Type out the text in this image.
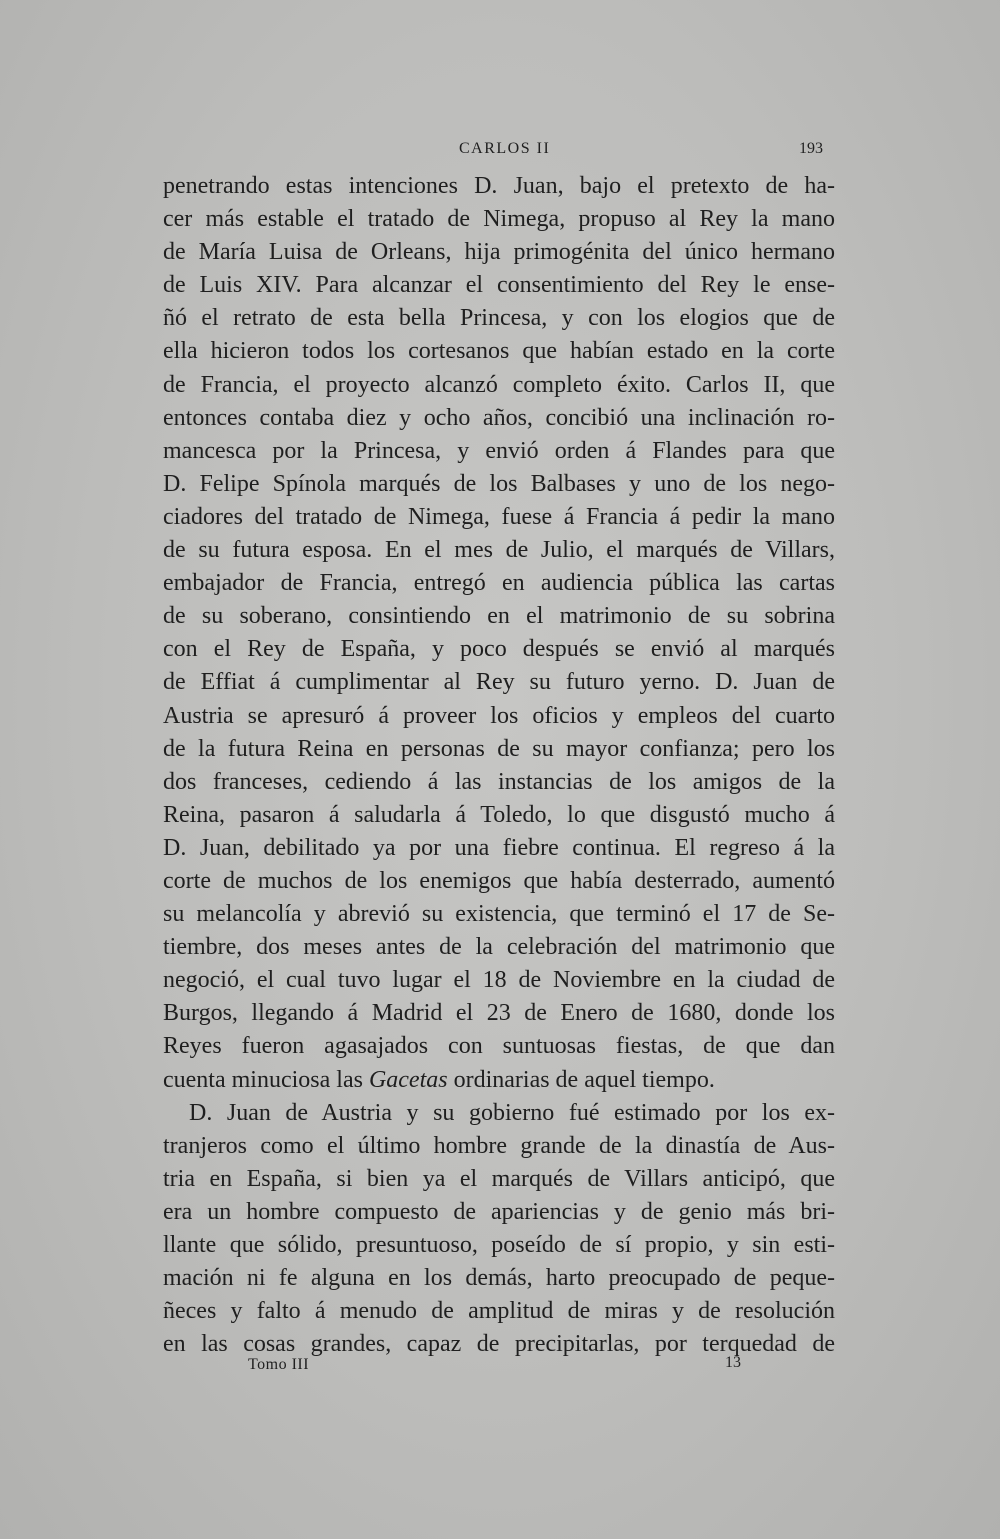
CARLOS II	193
penetrando estas intenciones D. Juan, bajo el pretexto de ha-
cer más estable el tratado de Nimega, propuso al Rey la mano
de María Luisa de Orleans, hija primogénita del único hermano
de Luis XIV. Para alcanzar el consentimiento del Rey le ense-
ñó el retrato de esta bella Princesa, y con los elogios que de
ella hicieron todos los cortesanos que habían estado en la corte
de Francia, el proyecto alcanzó completo éxito. Carlos II, que
entonces contaba diez y ocho años, concibió una inclinación ro-
mancesca por la Princesa, y envió orden á Flandes para que
D. Felipe Spínola marqués de los Balbases y uno de los nego-
ciadores del tratado de Nimega, fuese á Francia á pedir la mano
de su futura esposa. En el mes de Julio, el marqués de Villars,
embajador de Francia, entregó en audiencia pública las cartas
de su soberano, consintiendo en el matrimonio de su sobrina
con el Rey de España, y poco después se envió al marqués
de Effiat á cumplimentar al Rey su futuro yerno. D. Juan de
Austria se apresuró á proveer los oficios y empleos del cuarto
de la futura Reina en personas de su mayor confianza; pero los
dos franceses, cediendo á las instancias de los amigos de la
Reina, pasaron á saludarla á Toledo, lo que disgustó mucho á
D. Juan, debilitado ya por una fiebre continua. El regreso á la
corte de muchos de los enemigos que había desterrado, aumentó
su melancolía y abrevió su existencia, que terminó el 17 de Se-
tiembre, dos meses antes de la celebración del matrimonio que
negoció, el cual tuvo lugar el 18 de Noviembre en la ciudad de
Burgos, llegando á Madrid el 23 de Enero de 1680, donde los
Reyes fueron agasajados con suntuosas fiestas, de que dan
cuenta minuciosa las Gacetas ordinarias de aquel tiempo.
D. Juan de Austria y su gobierno fué estimado por los ex-
tranjeros como el último hombre grande de la dinastía de Aus-
tria en España, si bien ya el marqués de Villars anticipó, que
era un hombre compuesto de apariencias y de genio más bri-
llante que sólido, presuntuoso, poseído de sí propio, y sin esti-
mación ni fe alguna en los demás, harto preocupado de peque-
ñeces y falto á menudo de amplitud de miras y de resolución
en las cosas grandes, capaz de precipitarlas, por terquedad de
Tomo III	13
